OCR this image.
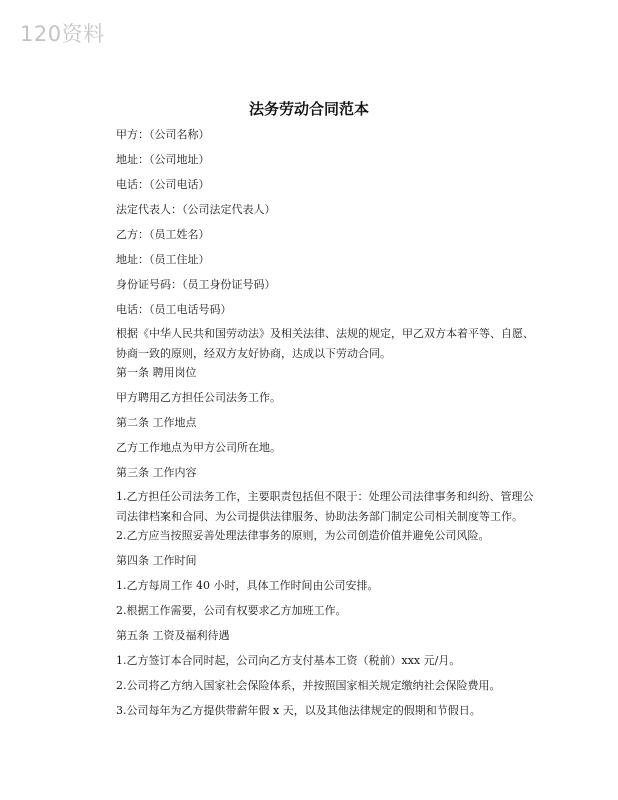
120资料
法务劳动合同范本
甲方：（公司名称）
地址：（公司地址）
电话：（公司电话）
法定代表人：（公司法定代表人）
乙方：（员工姓名）
地址：（员工住址）
身份证号码：（员工身份证号码）
电话：（员工电话号码）
根据《中华人民共和国劳动法》及相关法律、法规的规定，甲乙双方本着平等、自愿、协商一致的原则，经双方友好协商，达成以下劳动合同。
第一条 聘用岗位
甲方聘用乙方担任公司法务工作。
第二条 工作地点
乙方工作地点为甲方公司所在地。
第三条 工作内容
1.乙方担任公司法务工作，主要职责包括但不限于：处理公司法律事务和纠纷、管理公司法律档案和合同、为公司提供法律服务、协助法务部门制定公司相关制度等工作。
2.乙方应当按照妥善处理法律事务的原则，为公司创造价值并避免公司风险。
第四条 工作时间
1.乙方每周工作 40 小时，具体工作时间由公司安排。
2.根据工作需要，公司有权要求乙方加班工作。
第五条 工资及福利待遇
1.乙方签订本合同时起，公司向乙方支付基本工资（税前）xxx 元/月。
2.公司将乙方纳入国家社会保险体系，并按照国家相关规定缴纳社会保险费用。
3.公司每年为乙方提供带薪年假 x 天，以及其他法律规定的假期和节假日。
